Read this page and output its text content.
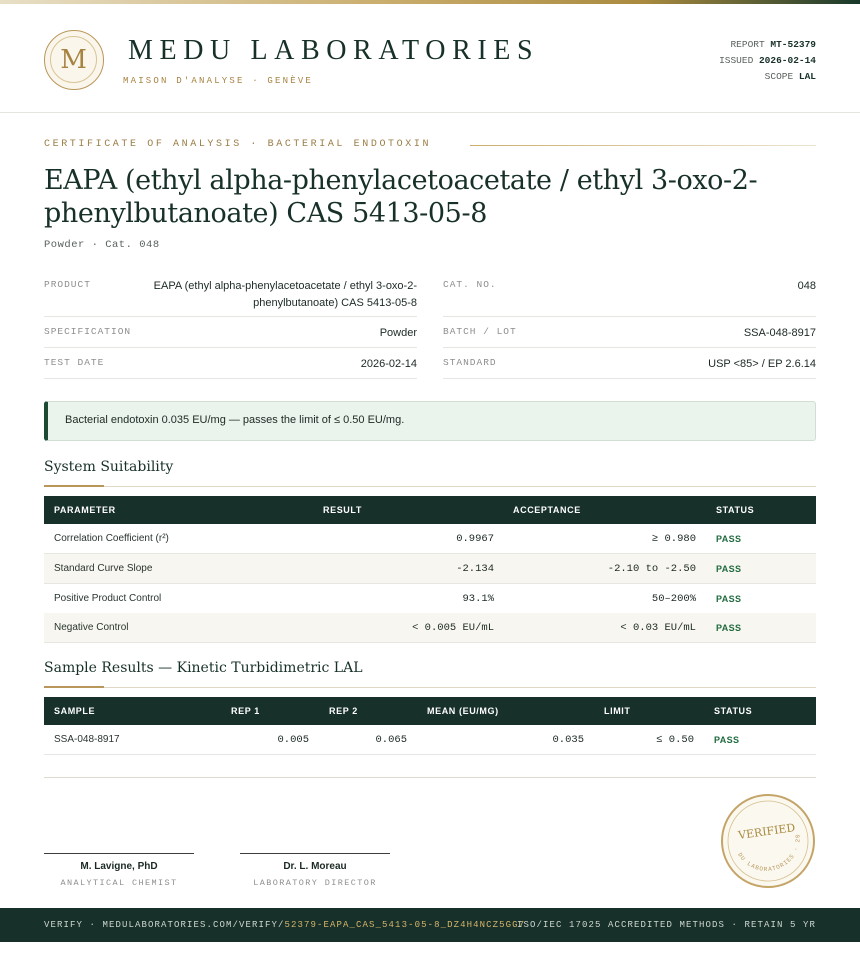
M	MEDU LABORATORIES
MAISON D'ANALYSE · GENÈVE
REPORT MT-52379
ISSUED 2026-02-14
SCOPE LAL
CERTIFICATE OF ANALYSIS · BACTERIAL ENDOTOXIN
EAPA (ethyl alpha-phenylacetoacetate / ethyl 3-oxo-2-phenylbutanoate) CAS 5413-05-8
Powder · Cat. 048
PRODUCT	EAPA (ethyl alpha-phenylacetoacetate / ethyl 3-oxo-2-phenylbutanoate) CAS 5413-05-8
CAT. NO.	048
SPECIFICATION	Powder	BATCH / LOT	SSA-048-8917
TEST DATE	2026-02-14	STANDARD	USP <85> / EP 2.6.14
Bacterial endotoxin 0.035 EU/mg — passes the limit of ≤ 0.50 EU/mg.
System Suitability
PARAMETER	RESULT	ACCEPTANCE	STATUS
Correlation Coefficient (r²)	0.9967	≥ 0.980 PASS
Standard Curve Slope	-2.134	-2.10 to -2.50 PASS
Positive Product Control	93.1%	50–200% PASS
Negative Control	< 0.005 EU/mL	< 0.03 EU/mL PASS
Sample Results — Kinetic Turbidimetric LAL
SAMPLE	REP 1	REP 2	MEAN (EU/MG)	LIMIT	STATUS
SSA-048-8917	0.005	0.065	0.035	≤ 0.50 PASS
M. Lavigne, PhD
ANALYTICAL CHEMIST
Dr. L. Moreau
LABORATORY DIRECTOR
VERIFIED
MEDU LABORATORIES · 2026
VERIFY · MEDULABORATORIES.COM/VERIFY/52379-EAPA_CAS_5413-05-8_DZ4H4NCZ5GG7
ISO/IEC 17025 ACCREDITED METHODS · RETAIN 5 YR
